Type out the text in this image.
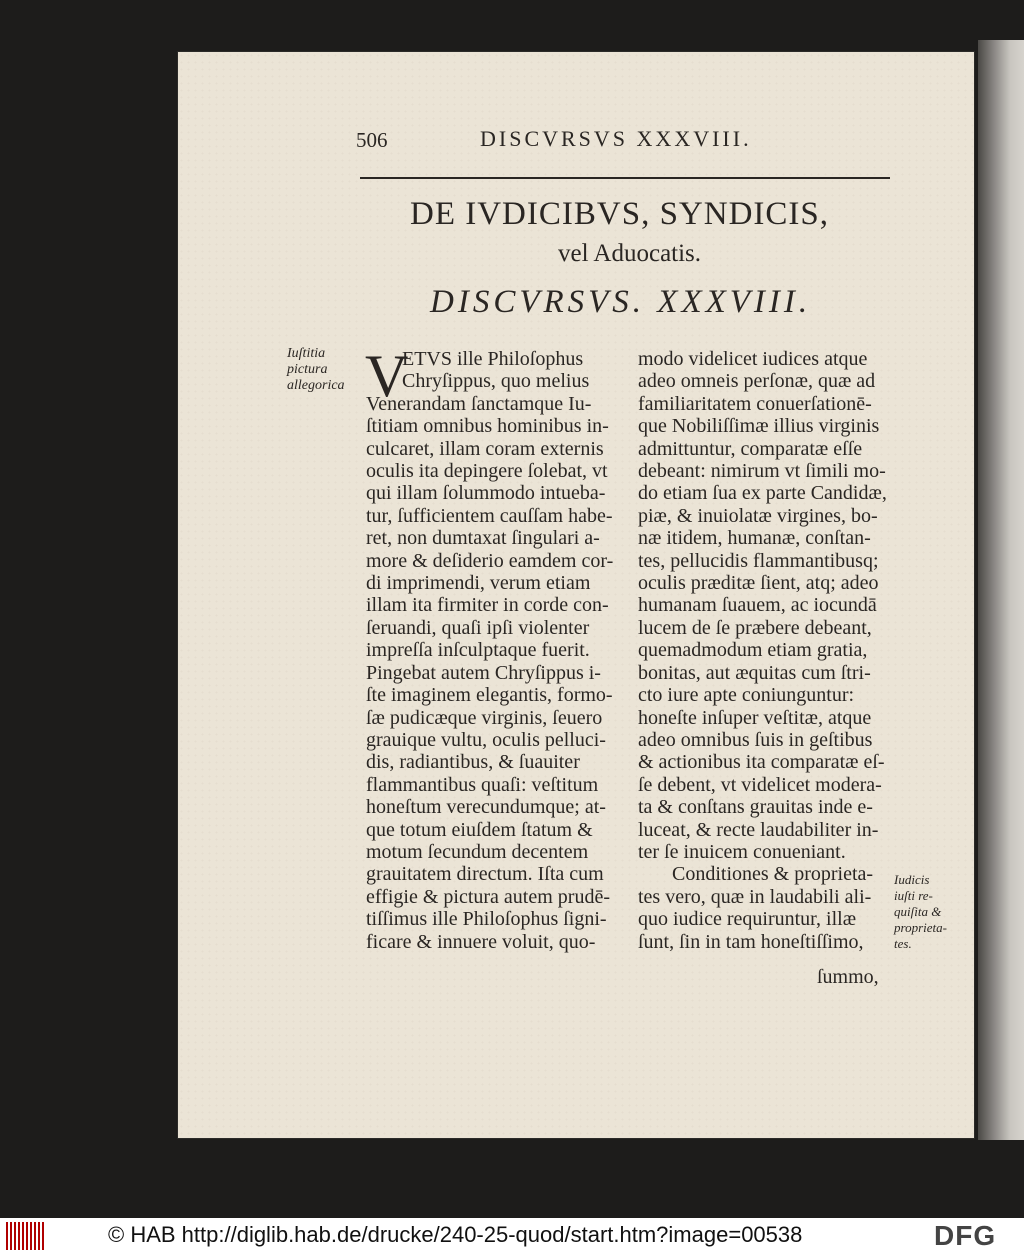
506	DISCVRSVS XXXVIII.
DE IVDICIBVS, SYNDICIS,
vel Aduocatis.
DISCVRSVS. XXXVIII.
V
ETVS ille Philoſophus
Chryſippus, quo melius
Venerandam ſanctamque Iu-
ſtitiam omnibus hominibus in-
culcaret, illam coram externis
oculis ita depingere ſolebat, vt
qui illam ſolummodo intueba-
tur, ſufficientem cauſſam habe-
ret, non dumtaxat ſingulari a-
more & deſiderio eamdem cor-
di imprimendi, verum etiam
illam ita firmiter in corde con-
ſeruandi, quaſi ipſi violenter
impreſſa inſculptaque fuerit.
Pingebat autem Chryſippus i-
ſte imaginem elegantis, formo-
ſæ pudicæque virginis, ſeuero
grauique vultu, oculis pelluci-
dis, radiantibus, & ſuauiter
flammantibus quaſi: veſtitum
honeſtum verecundumque; at-
que totum eiuſdem ſtatum &
motum ſecundum decentem
grauitatem directum. Iſta cum
effigie & pictura autem prudē-
tiſſimus ille Philoſophus ſigni-
ficare & innuere voluit, quo-
modo videlicet iudices atque
adeo omneis perſonæ, quæ ad
familiaritatem conuerſationē-
que Nobiliſſimæ illius virginis
admittuntur, comparatæ eſſe
debeant: nimirum vt ſimili mo-
do etiam ſua ex parte Candidæ,
piæ, & inuiolatæ virgines, bo-
næ itidem, humanæ, conſtan-
tes, pellucidis flammantibusq;
oculis præditæ ſient, atq; adeo
humanam ſuauem, ac iocundā
lucem de ſe præbere debeant,
quemadmodum etiam gratia,
bonitas, aut æquitas cum ſtri-
cto iure apte coniunguntur:
honeſte inſuper veſtitæ, atque
adeo omnibus ſuis in geſtibus
& actionibus ita comparatæ eſ-
ſe debent, vt videlicet modera-
ta & conſtans grauitas inde e-
luceat, & recte laudabiliter in-
ter ſe inuicem conueniant.
Conditiones & proprieta-
tes vero, quæ in laudabili ali-
quo iudice requiruntur, illæ
ſunt, ſin in tam honeſtiſſimo,
ſummo,
Iuſtitia
pictura
allegorica
Iudicis
iuſti re-
quiſita &
proprieta-
tes.
© HAB http://diglib.hab.de/drucke/240-25-quod/start.htm?image=00538	DFG
